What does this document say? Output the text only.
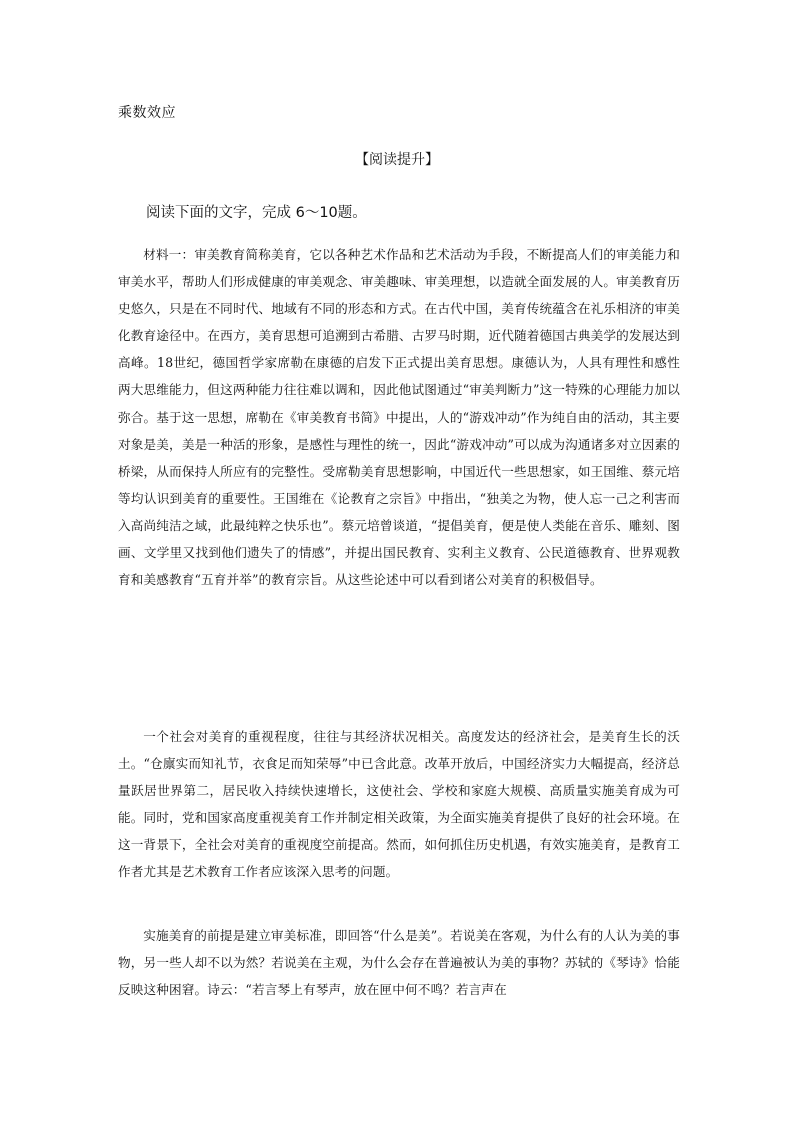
乘数效应
【阅读提升】

阅读下面的文字，完成 6～10题。

材料一：审美教育简称美育，它以各种艺术作品和艺术活动为手段，不断提高人们的审美能力和审美水平，帮助人们形成健康的审美观念、审美趣味、审美理想，以造就全面发展的人。审美教育历史悠久，只是在不同时代、地域有不同的形态和方式。在古代中国，美育传统蕴含在礼乐相济的审美化教育途径中。在西方，美育思想可追溯到古希腊、古罗马时期，近代随着德国古典美学的发展达到高峰。18世纪，德国哲学家席勒在康德的启发下正式提出美育思想。康德认为，人具有理性和感性两大思维能力，但这两种能力往往难以调和，因此他试图通过“审美判断力”这一特殊的心理能力加以弥合。基于这一思想，席勒在《审美教育书简》中提出，人的“游戏冲动”作为纯自由的活动，其主要对象是美，美是一种活的形象，是感性与理性的统一，因此“游戏冲动”可以成为沟通诸多对立因素的桥梁，从而保持人所应有的完整性。受席勒美育思想影响，中国近代一些思想家，如王国维、蔡元培等均认识到美育的重要性。王国维在《论教育之宗旨》中指出，“独美之为物，使人忘一己之利害而入高尚纯洁之域，此最纯粹之快乐也”。蔡元培曾谈道，“提倡美育，便是使人类能在音乐、雕刻、图画、文学里又找到他们遗失了的情感”，并提出国民教育、实利主义教育、公民道德教育、世界观教育和美感教育“五育并举”的教育宗旨。从这些论述中可以看到诸公对美育的积极倡导。

一个社会对美育的重视程度，往往与其经济状况相关。高度发达的经济社会，是美育生长的沃土。“仓廪实而知礼节，衣食足而知荣辱”中已含此意。改革开放后，中国经济实力大幅提高，经济总量跃居世界第二，居民收入持续快速增长，这使社会、学校和家庭大规模、高质量实施美育成为可能。同时，党和国家高度重视美育工作并制定相关政策，为全面实施美育提供了良好的社会环境。在这一背景下，全社会对美育的重视度空前提高。然而，如何抓住历史机遇，有效实施美育，是教育工作者尤其是艺术教育工作者应该深入思考的问题。

实施美育的前提是建立审美标准，即回答“什么是美”。若说美在客观，为什么有的人认为美的事物，另一些人却不以为然？若说美在主观，为什么会存在普遍被认为美的事物？苏轼的《琴诗》恰能反映这种困窘。诗云：“若言琴上有琴声，放在匣中何不鸣？若言声在
